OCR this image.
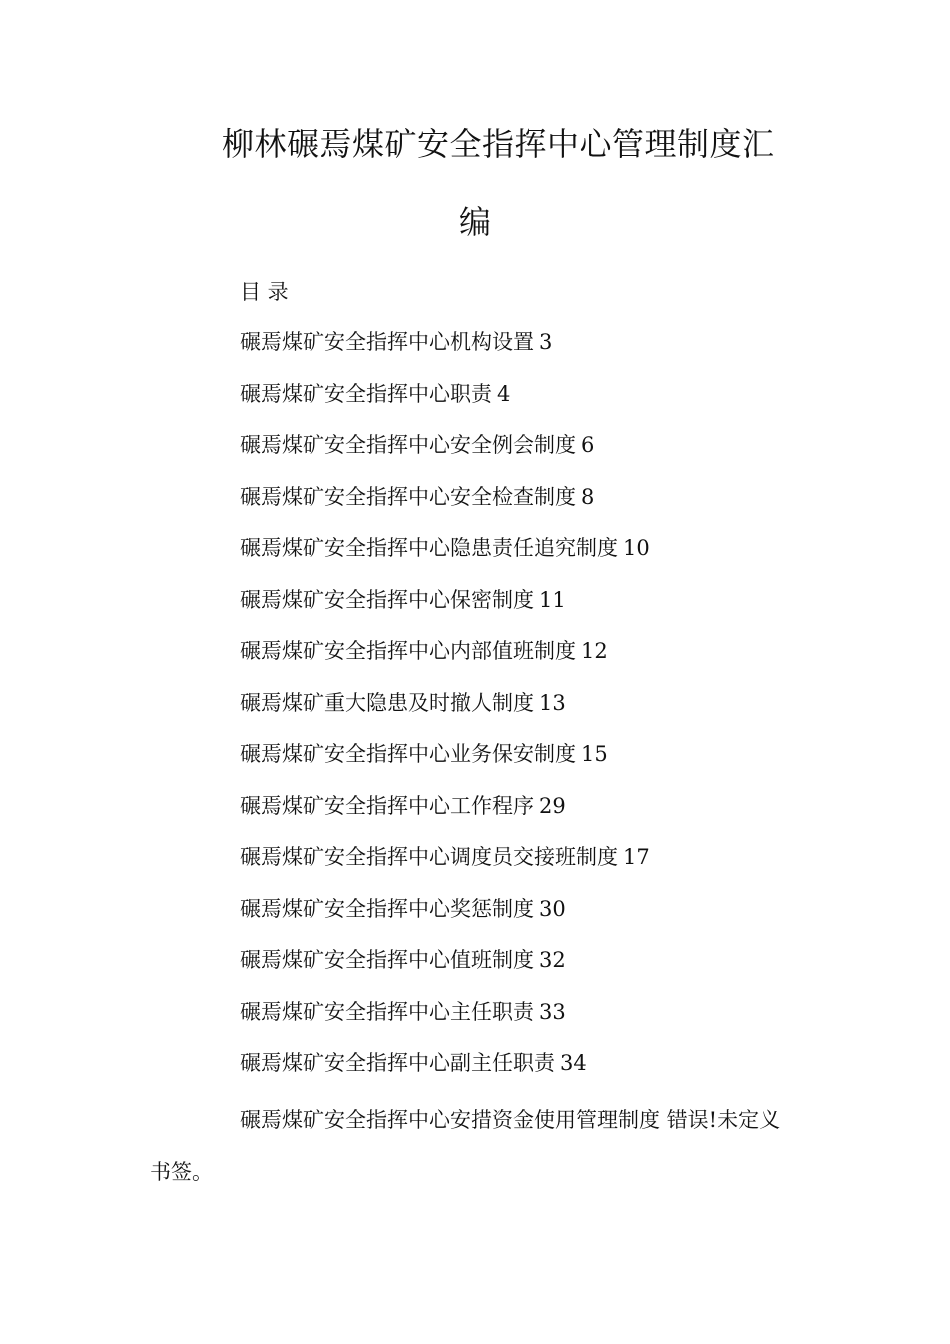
柳林碾焉煤矿安全指挥中心管理制度汇
编
目 录
碾焉煤矿安全指挥中心机构设置 3
碾焉煤矿安全指挥中心职责 4
碾焉煤矿安全指挥中心安全例会制度 6
碾焉煤矿安全指挥中心安全检查制度 8
碾焉煤矿安全指挥中心隐患责任追究制度 10
碾焉煤矿安全指挥中心保密制度 11
碾焉煤矿安全指挥中心内部值班制度 12
碾焉煤矿重大隐患及时撤人制度 13
碾焉煤矿安全指挥中心业务保安制度 15
碾焉煤矿安全指挥中心工作程序 29
碾焉煤矿安全指挥中心调度员交接班制度 17
碾焉煤矿安全指挥中心奖惩制度 30
碾焉煤矿安全指挥中心值班制度 32
碾焉煤矿安全指挥中心主任职责 33
碾焉煤矿安全指挥中心副主任职责 34

碾焉煤矿安全指挥中心安措资金使用管理制度 错误!未定义书签。
